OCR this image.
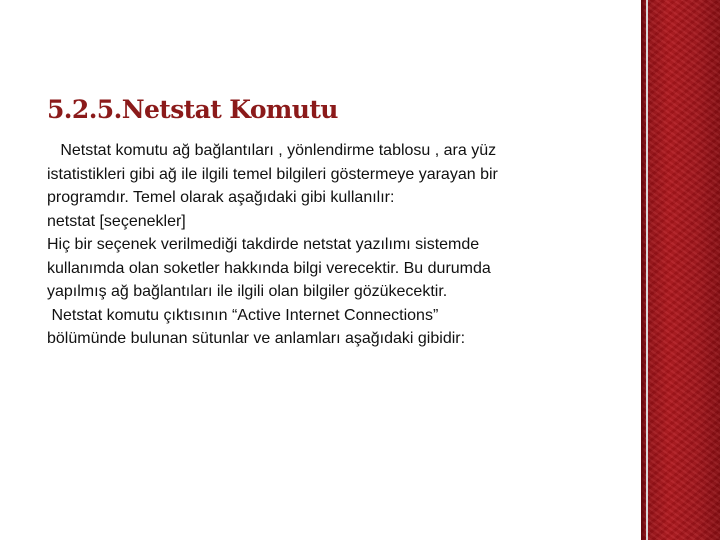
5.2.5.Netstat Komutu
Netstat komutu ağ bağlantıları , yönlendirme tablosu , ara yüz
istatistikleri gibi ağ ile ilgili temel bilgileri göstermeye yarayan bir
programdır. Temel olarak aşağıdaki gibi kullanılır:
netstat [seçenekler]
Hiç bir seçenek verilmediği takdirde netstat yazılımı sistemde
kullanımda olan soketler hakkında bilgi verecektir. Bu durumda
yapılmış ağ bağlantıları ile ilgili olan bilgiler gözükecektir.
Netstat komutu çıktısının “Active Internet Connections”
bölümünde bulunan sütunlar ve anlamları aşağıdaki gibidir:
